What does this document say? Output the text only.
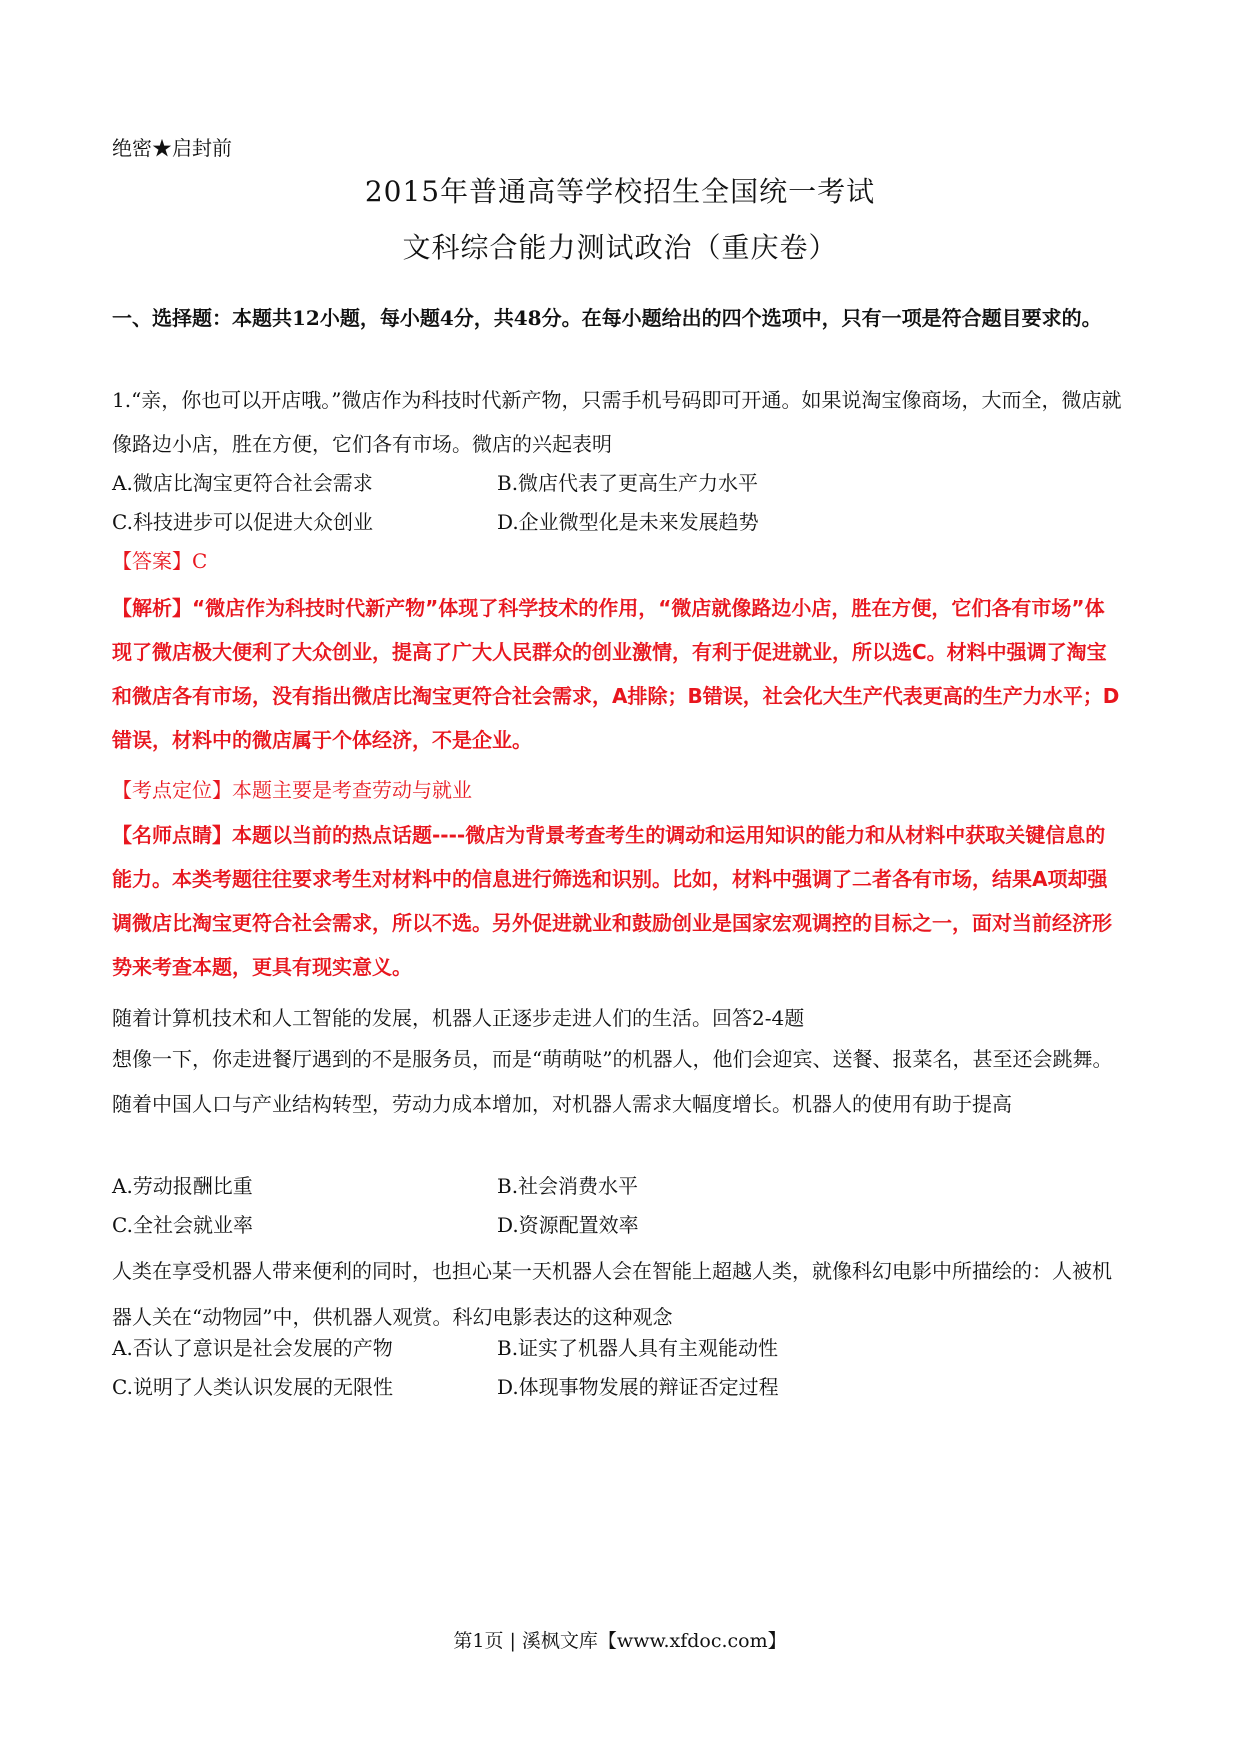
绝密★启封前
2015年普通高等学校招生全国统一考试
文科综合能力测试政治（重庆卷）
一、选择题：本题共12小题，每小题4分，共48分。在每小题给出的四个选项中，只有一项是符合题目要求的。
1.“亲，你也可以开店哦。”微店作为科技时代新产物，只需手机号码即可开通。如果说淘宝像商场，大而全，微店就像路边小店，胜在方便，它们各有市场。微店的兴起表明
A.微店比淘宝更符合社会需求	B.微店代表了更高生产力水平
C.科技进步可以促进大众创业	D.企业微型化是未来发展趋势
【答案】C
【解析】“微店作为科技时代新产物”体现了科学技术的作用，“微店就像路边小店，胜在方便，它们各有市场”体现了微店极大便利了大众创业，提高了广大人民群众的创业激情，有利于促进就业，所以选C。材料中强调了淘宝和微店各有市场，没有指出微店比淘宝更符合社会需求，A排除；B错误，社会化大生产代表更高的生产力水平；D错误，材料中的微店属于个体经济，不是企业。
【考点定位】本题主要是考查劳动与就业
【名师点睛】本题以当前的热点话题----微店为背景考查考生的调动和运用知识的能力和从材料中获取关键信息的能力。本类考题往往要求考生对材料中的信息进行筛选和识别。比如，材料中强调了二者各有市场，结果A项却强调微店比淘宝更符合社会需求，所以不选。另外促进就业和鼓励创业是国家宏观调控的目标之一，面对当前经济形势来考查本题，更具有现实意义。
随着计算机技术和人工智能的发展，机器人正逐步走进人们的生活。回答2-4题
想像一下，你走进餐厅遇到的不是服务员，而是“萌萌哒”的机器人，他们会迎宾、送餐、报菜名，甚至还会跳舞。随着中国人口与产业结构转型，劳动力成本增加，对机器人需求大幅度增长。机器人的使用有助于提高
A.劳动报酬比重	B.社会消费水平
C.全社会就业率	D.资源配置效率
人类在享受机器人带来便利的同时，也担心某一天机器人会在智能上超越人类，就像科幻电影中所描绘的：人被机器人关在“动物园”中，供机器人观赏。科幻电影表达的这种观念
A.否认了意识是社会发展的产物	B.证实了机器人具有主观能动性
C.说明了人类认识发展的无限性	D.体现事物发展的辩证否定过程
第1页 | 溪枫文库【www.xfdoc.com】
